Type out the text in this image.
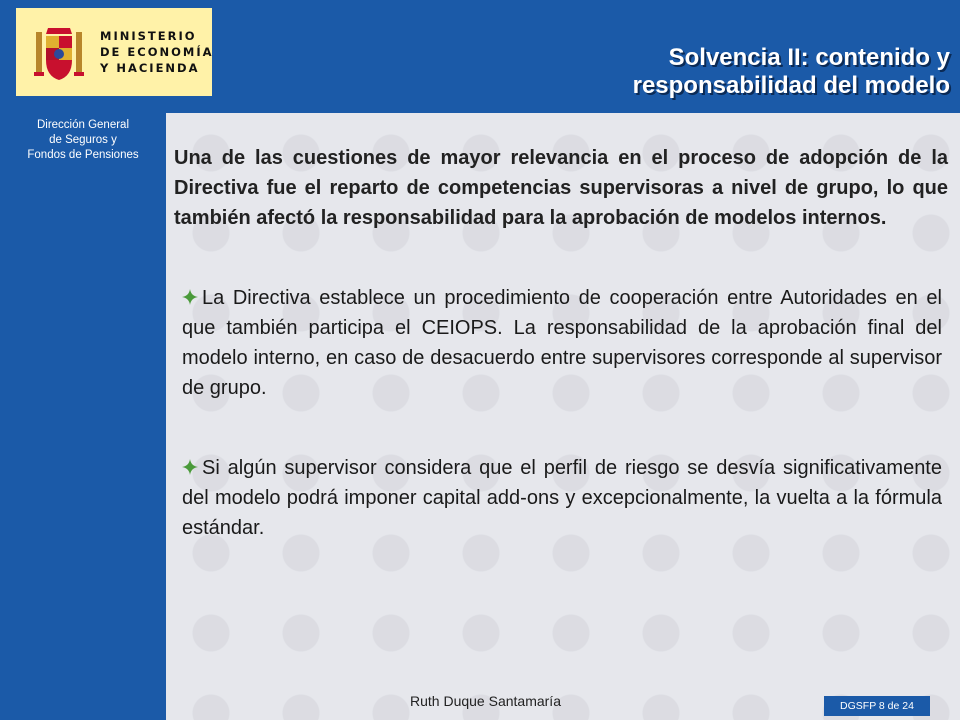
MINISTERIO
DE ECONOMÍA
Y HACIENDA	Solvencia II: contenido y
responsabilidad del modelo
Dirección General
de Seguros y
Fondos de Pensiones	Una de las cuestiones de mayor relevancia en el proceso de adopción de la Directiva fue el reparto de competencias supervisoras a nivel de grupo, lo que también afectó la responsabilidad para la aprobación de modelos internos.

La Directiva establece un procedimiento de cooperación entre Autoridades en el que también participa el CEIOPS. La responsabilidad de la aprobación final del modelo interno, en caso de desacuerdo entre supervisores corresponde al supervisor de grupo.

Si algún supervisor considera que el perfil de riesgo se desvía significativamente del modelo podrá imponer capital add-ons y excepcionalmente, la vuelta a la fórmula estándar.

Ruth Duque Santamaría	DGSFP 8 de 24
